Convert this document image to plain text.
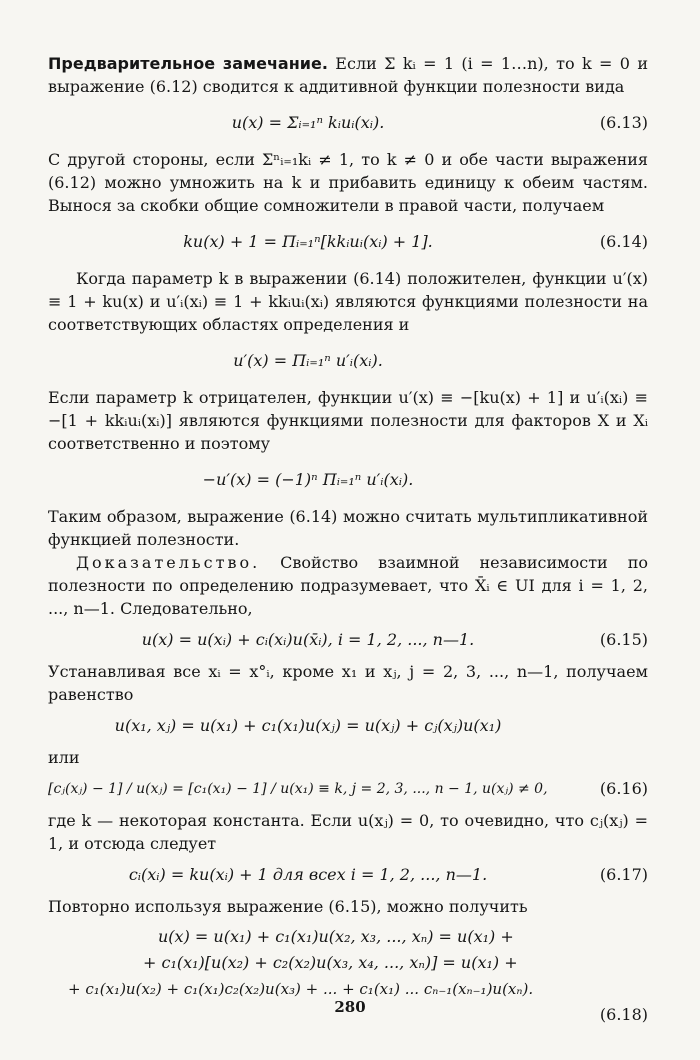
Предварительное замечание. Если Σ kᵢ = 1 (i = 1…n), то k = 0 и выражение (6.12) сводится к аддитивной функции полезности вида

u(x) = Σᵢ₌₁ⁿ kᵢuᵢ(xᵢ).	(6.13)

С другой стороны, если Σⁿᵢ₌₁kᵢ ≠ 1, то k ≠ 0 и обе части выражения (6.12) можно умножить на k и прибавить единицу к обеим частям. Вынося за скобки общие сомножители в правой части, получаем

ku(x) + 1 = Πᵢ₌₁ⁿ[kkᵢuᵢ(xᵢ) + 1].	(6.14)

Когда параметр k в выражении (6.14) положителен, функции u′(x) ≡ 1 + ku(x) и u′ᵢ(xᵢ) ≡ 1 + kkᵢuᵢ(xᵢ) являются функциями полезности на соответствующих областях определения и

u′(x) = Πᵢ₌₁ⁿ u′ᵢ(xᵢ).

Если параметр k отрицателен, функции u′(x) ≡ −[ku(x) + 1] и u′ᵢ(xᵢ) ≡ −[1 + kkᵢuᵢ(xᵢ)] являются функциями полезности для факторов X и Xᵢ соответственно и поэтому

−u′(x) = (−1)ⁿ Πᵢ₌₁ⁿ u′ᵢ(xᵢ).

Таким образом, выражение (6.14) можно считать мультипликативной функцией полезности.

Доказательство. Свойство взаимной независимости по полезности по определению подразумевает, что X̄ᵢ ∈ UI для i = 1, 2, ..., n—1. Следовательно,

u(x) = u(xᵢ) + cᵢ(xᵢ)u(x̄ᵢ), i = 1, 2, ..., n—1.	(6.15)

Устанавливая все xᵢ = x°ᵢ, кроме x₁ и xⱼ, j = 2, 3, ..., n—1, получаем равенство

u(x₁, xⱼ) = u(x₁) + c₁(x₁)u(xⱼ) = u(xⱼ) + cⱼ(xⱼ)u(x₁)

или

[cⱼ(xⱼ) − 1] / u(xⱼ) = [c₁(x₁) − 1] / u(x₁) ≡ k, j = 2, 3, ..., n − 1, u(xⱼ) ≠ 0,	(6.16)

где k — некоторая константа. Если u(xⱼ) = 0, то очевидно, что cⱼ(xⱼ) = 1, и отсюда следует

cᵢ(xᵢ) = ku(xᵢ) + 1 для всех i = 1, 2, ..., n—1.	(6.17)

Повторно используя выражение (6.15), можно получить

u(x) = u(x₁) + c₁(x₁)u(x₂, x₃, ..., xₙ) = u(x₁) +
+ c₁(x₁)[u(x₂) + c₂(x₂)u(x₃, x₄, ..., xₙ)] = u(x₁) +
+ c₁(x₁)u(x₂) + c₁(x₁)c₂(x₂)u(x₃) + ... + c₁(x₁) ... cₙ₋₁(xₙ₋₁)u(xₙ).
(6.18)
280
